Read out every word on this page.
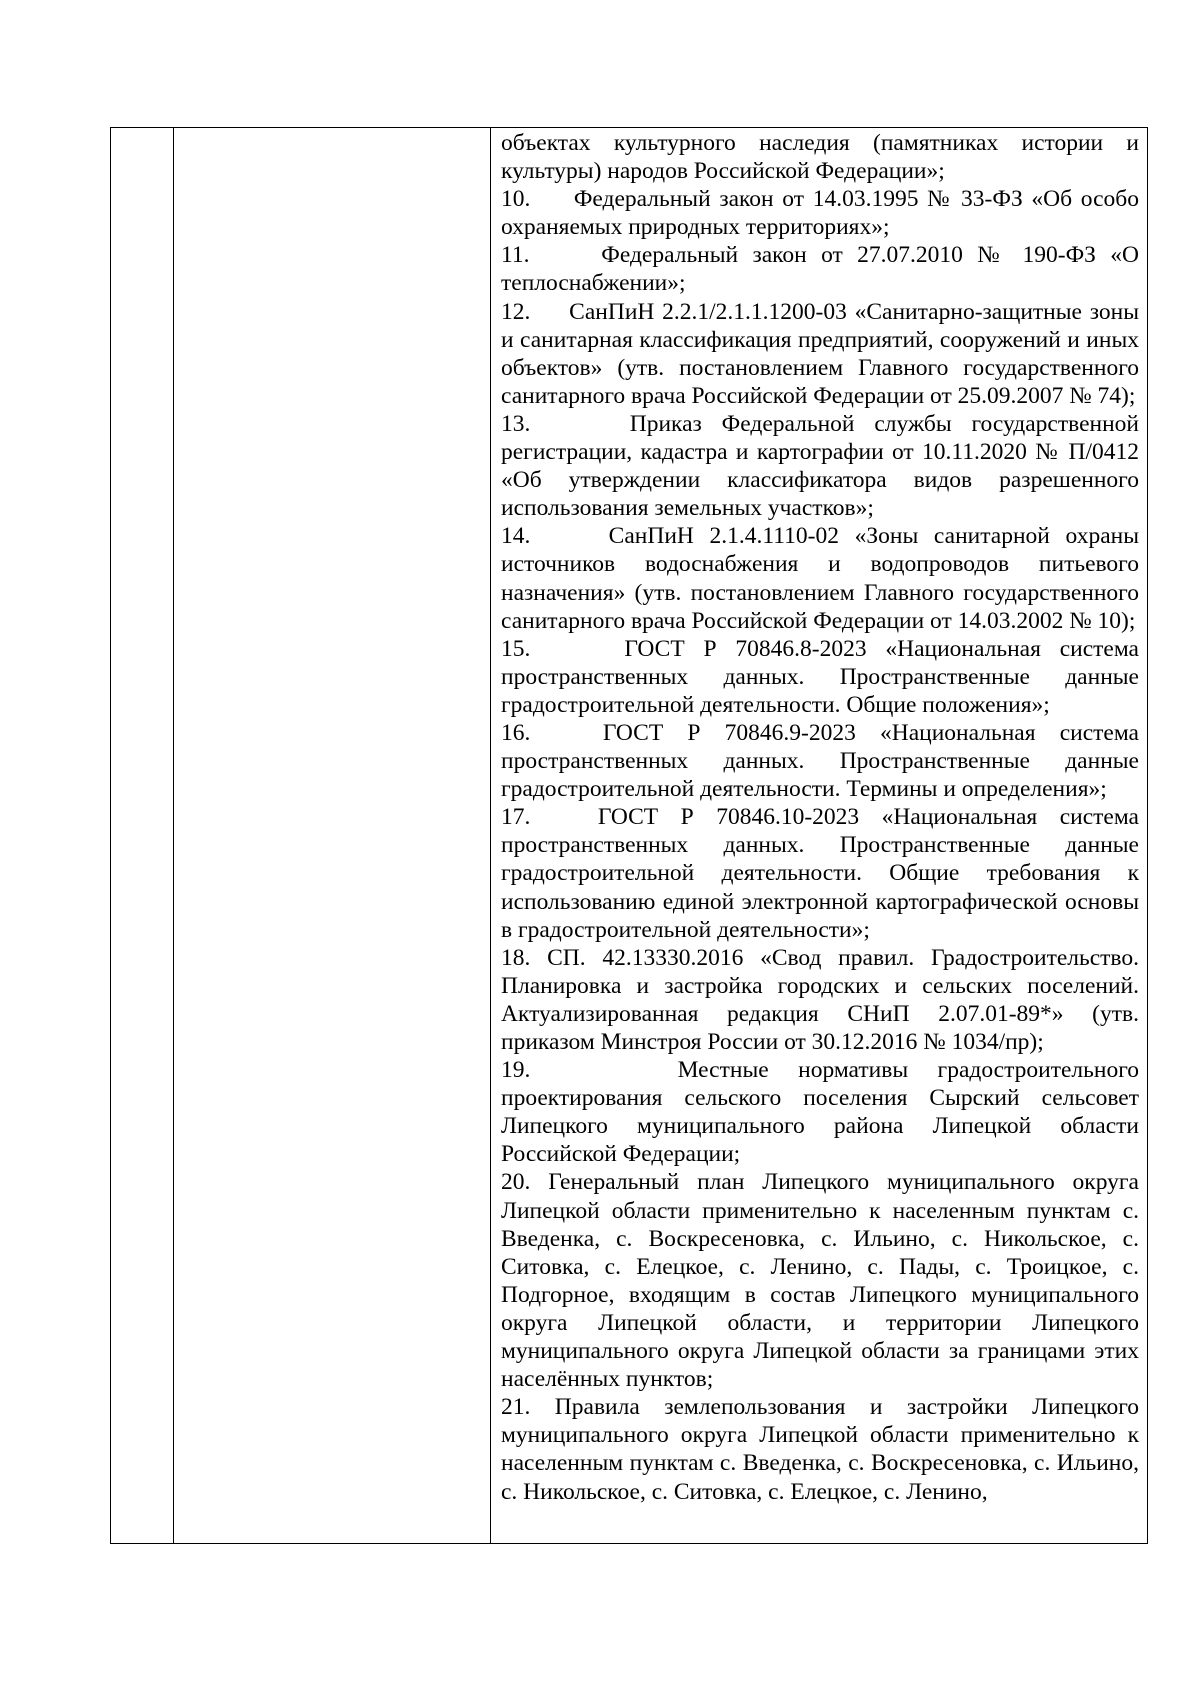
объектах культурного наследия (памятниках истории и культуры) народов Российской Федерации»;

10.     Федеральный закон от 14.03.1995 № 33-ФЗ «Об особо охраняемых природных территориях»;

11.     Федеральный закон от 27.07.2010 № 190-ФЗ «О теплоснабжении»;

12.     СанПиН 2.2.1/2.1.1.1200-03 «Санитарно-защитные зоны и санитарная классификация предприятий, сооружений и иных объектов» (утв. постановлением Главного государственного санитарного врача Российской Федерации от 25.09.2007 № 74);

13.     Приказ Федеральной службы государственной регистрации, кадастра и картографии от 10.11.2020 № П/0412 «Об утверждении классификатора видов разрешенного использования земельных участков»;

14.     СанПиН 2.1.4.1110-02 «Зоны санитарной охраны источников водоснабжения и водопроводов питьевого назначения» (утв. постановлением Главного государственного санитарного врача Российской Федерации от 14.03.2002 № 10);

15.     ГОСТ Р 70846.8-2023 «Национальная система пространственных данных. Пространственные данные градостроительной деятельности. Общие положения»;

16.   ГОСТ Р 70846.9-2023 «Национальная система пространственных данных. Пространственные данные градостроительной деятельности. Термины и определения»;

17.   ГОСТ Р 70846.10-2023 «Национальная система пространственных данных. Пространственные данные градостроительной деятельности. Общие требования к использованию единой электронной картографической основы в градостроительной деятельности»;

18. СП. 42.13330.2016 «Свод правил. Градостроительство. Планировка и застройка городских и сельских поселений. Актуализированная редакция СНиП 2.07.01-89*» (утв. приказом Минстроя России от 30.12.2016 № 1034/пр);

19.     Местные нормативы градостроительного проектирования сельского поселения Сырский сельсовет Липецкого муниципального района Липецкой области Российской Федерации;

20. Генеральный план Липецкого муниципального округа Липецкой области применительно к населенным пунктам с. Введенка, с. Воскресеновка, с. Ильино, с. Никольское, с. Ситовка, с. Елецкое, с. Ленино, с. Пады, с. Троицкое, с. Подгорное, входящим в состав Липецкого муниципального округа Липецкой области, и территории Липецкого муниципального округа Липецкой области за границами этих населённых пунктов;

21. Правила землепользования и застройки Липецкого муниципального округа Липецкой области применительно к населенным пунктам с. Введенка, с. Воскресеновка, с. Ильино, с. Никольское, с. Ситовка, с. Елецкое, с. Ленино,
